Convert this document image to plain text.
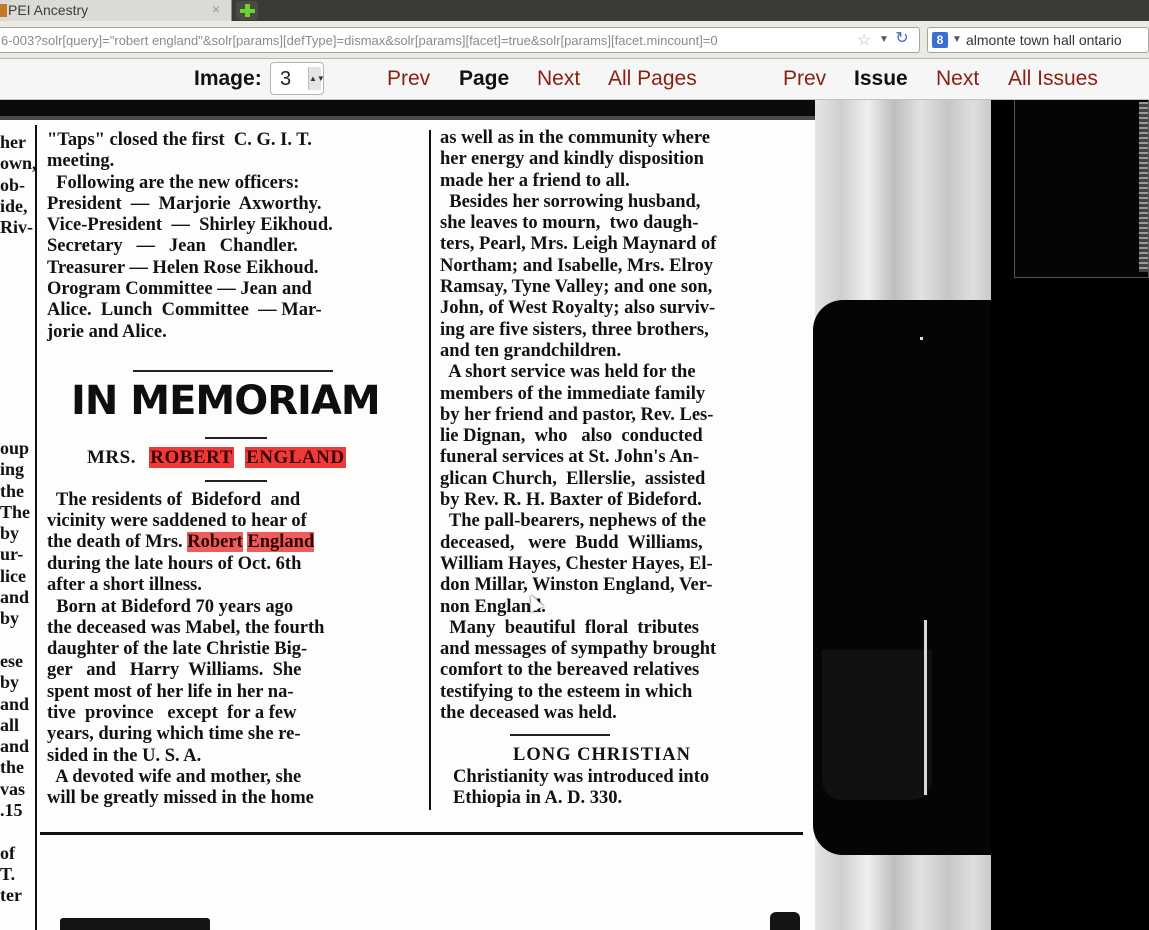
PEI Ancestry	×
6-003?solr[query]="robert england"&solr[params][defType]=dismax&solr[params][facet]=true&solr[params][facet.mincount]=0	☆ ▼ ↻	8 ▼ almonte town hall ontario
Image: 3 ▲▼	Prev Page Next All Pages	Prev Issue Next All Issues
her
own,
ob-
ide,
Riv-
oup
ing
the
The
by
ur-
lice
and
by

ese
by
and
all
and
the
vas
.15

of
T.
ter
"Taps" closed the first  C. G. I. T.
meeting.
Following are the new officers:
President  —  Marjorie  Axworthy.
Vice-President  —  Shirley Eikhoud.
Secretary   —   Jean   Chandler.
Treasurer — Helen Rose Eikhoud.
Orogram Committee — Jean and
Alice.  Lunch  Committee  — Mar-
jorie and Alice.
IN MEMORIAM
MRS. ROBERT ENGLAND
The residents of  Bideford  and
vicinity were saddened to hear of
the death of Mrs. Robert England
during the late hours of Oct. 6th
after a short illness.
Born at Bideford 70 years ago
the deceased was Mabel, the fourth
daughter of the late Christie Big-
ger   and   Harry  Williams.  She
spent most of her life in her na-
tive  province   except  for a few
years, during which time she re-
sided in the U. S. A.
A devoted wife and mother, she
will be greatly missed in the home
as well as in the community where
her energy and kindly disposition
made her a friend to all.
Besides her sorrowing husband,
she leaves to mourn,  two daugh-
ters, Pearl, Mrs. Leigh Maynard of
Northam; and Isabelle, Mrs. Elroy
Ramsay, Tyne Valley; and one son,
John, of West Royalty; also surviv-
ing are five sisters, three brothers,
and ten grandchildren.
A short service was held for the
members of the immediate family
by her friend and pastor, Rev. Les-
lie Dignan,  who   also  conducted
funeral services at St. John's An-
glican Church,  Ellerslie,  assisted
by Rev. R. H. Baxter of Bideford.
The pall-bearers, nephews of the
deceased,   were  Budd  Williams,
William Hayes, Chester Hayes, El-
don Millar, Winston England, Ver-
non England.
Many  beautiful  floral  tributes
and messages of sympathy brought
comfort to the bereaved relatives
testifying to the esteem in which
the deceased was held.
LONG CHRISTIAN
Christianity was introduced into
Ethiopia in A. D. 330.
